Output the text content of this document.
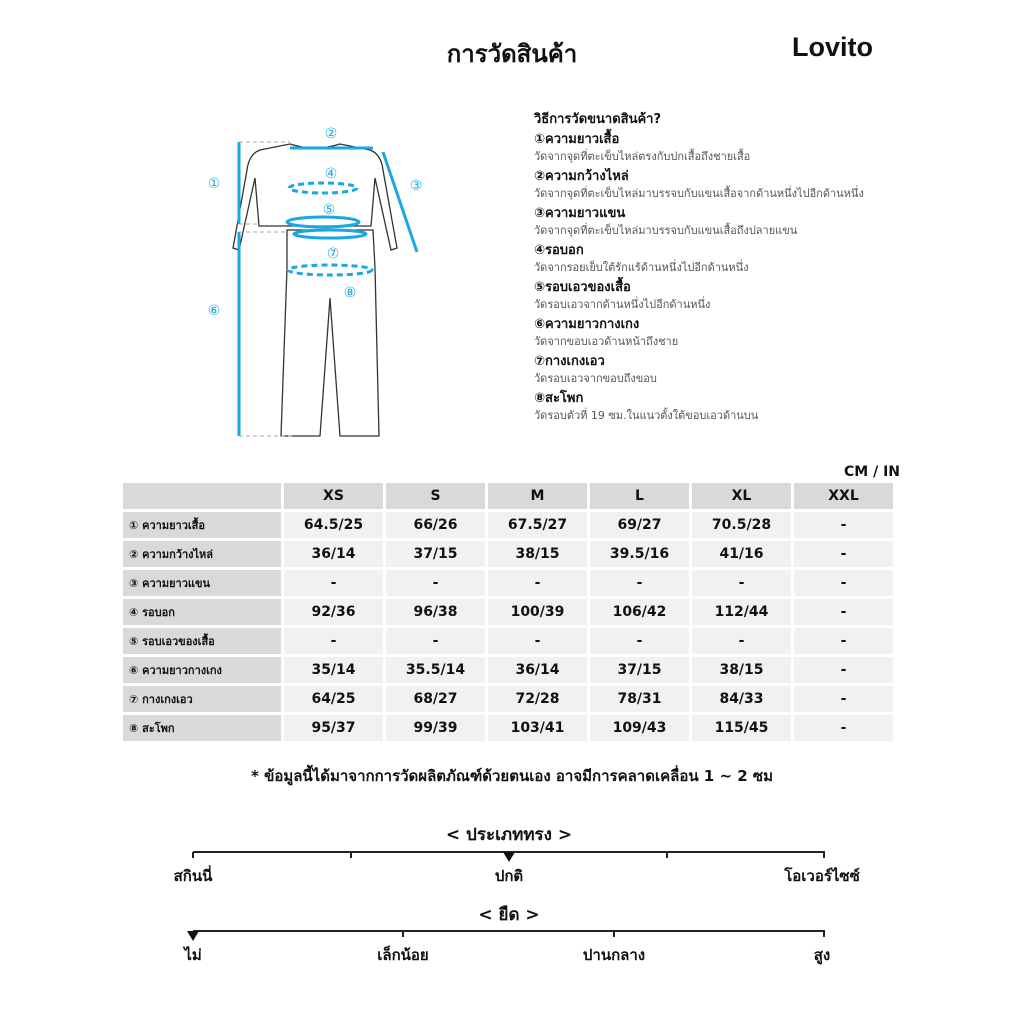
การวัดสินค้า	Lovito
①
②
③
④
⑤
⑥
⑦
⑧
วิธีการวัดขนาดสินค้า?
①ความยาวเสื้อ
วัดจากจุดที่ตะเข็บไหล่ตรงกับปกเสื้อถึงชายเสื้อ
②ความกว้างไหล่
วัดจากจุดที่ตะเข็บไหล่มาบรรจบกับแขนเสื้อจากด้านหนึ่งไปอีกด้านหนึ่ง
③ความยาวแขน
วัดจากจุดที่ตะเข็บไหล่มาบรรจบกับแขนเสื้อถึงปลายแขน
④รอบอก
วัดจากรอยเย็บใต้รักแร้ด้านหนึ่งไปอีกด้านหนึ่ง
⑤รอบเอวของเสื้อ
วัดรอบเอวจากด้านหนึ่งไปอีกด้านหนึ่ง
⑥ความยาวกางเกง
วัดจากขอบเอวด้านหน้าถึงชาย
⑦กางเกงเอว
วัดรอบเอวจากขอบถึงขอบ
⑧สะโพก
วัดรอบตัวที่ 19 ซม.ในแนวตั้งใต้ขอบเอวด้านบน
CM / IN
	XS	S	M	L	XL	XXL
① ความยาวเสื้อ	64.5/25	66/26	67.5/27	69/27	70.5/28	-
② ความกว้างไหล่	36/14	37/15	38/15	39.5/16	41/16	-
③ ความยาวแขน	-	-	-	-	-	-
④ รอบอก	92/36	96/38	100/39	106/42	112/44	-
⑤ รอบเอวของเสื้อ	-	-	-	-	-	-
⑥ ความยาวกางเกง	35/14	35.5/14	36/14	37/15	38/15	-
⑦ กางเกงเอว	64/25	68/27	72/28	78/31	84/33	-
⑧ สะโพก	95/37	99/39	103/41	109/43	115/45	-
* ข้อมูลนี้ได้มาจากการวัดผลิตภัณฑ์ด้วยตนเอง อาจมีการคลาดเคลื่อน 1 ~ 2 ซม
< ประเภททรง >
สกินนี่	ปกติ	โอเวอร์ไซซ์
< ยืด >
ไม่	เล็กน้อย	ปานกลาง	สูง
